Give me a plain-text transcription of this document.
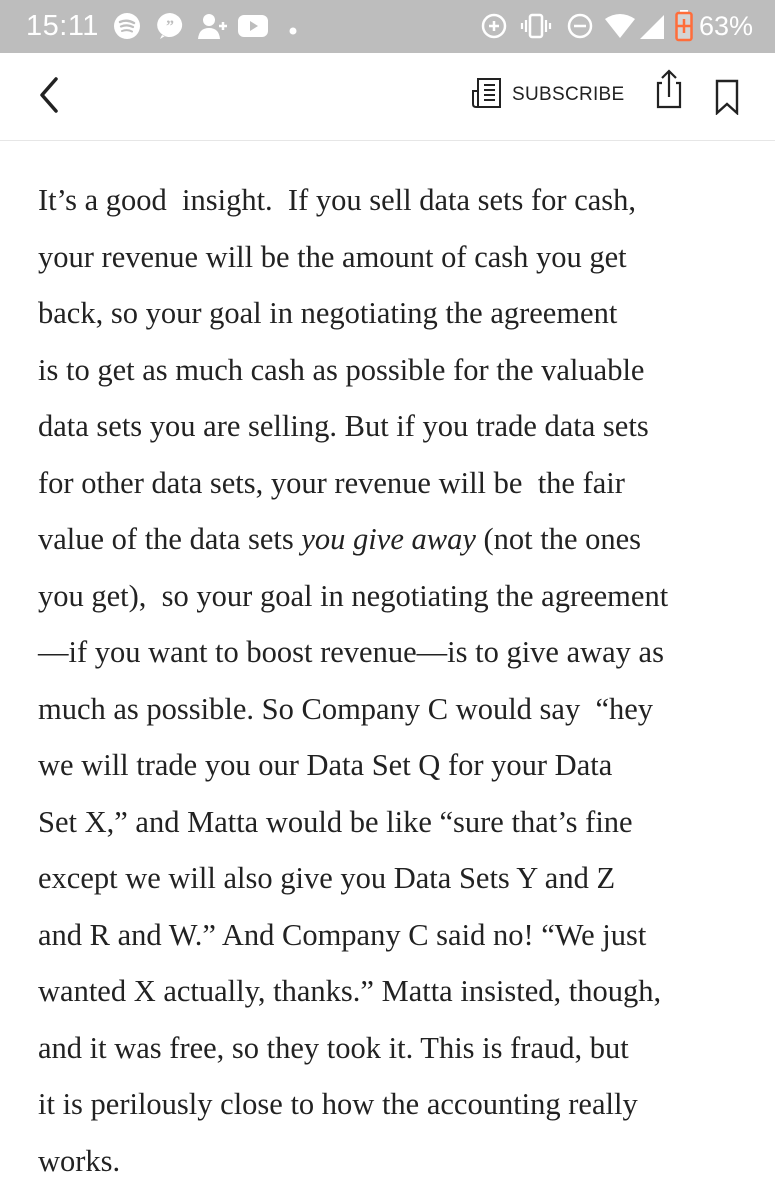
15:11	”	63%
SUBSCRIBE
It’s a good  insight.  If you sell data sets for cash,
your revenue will be the amount of cash you get
back, so your goal in negotiating the agreement
is to get as much cash as possible for the valuable
data sets you are selling. But if you trade data sets
for other data sets, your revenue will be  the fair
value of the data sets you give away (not the ones
you get),  so your goal in negotiating the agreement
—if you want to boost revenue—is to give away as
much as possible. So Company C would say  “hey
we will trade you our Data Set Q for your Data
Set X,” and Matta would be like “sure that’s fine
except we will also give you Data Sets Y and Z
and R and W.” And Company C said no! “We just
wanted X actually, thanks.” Matta insisted, though,
and it was free, so they took it. This is fraud, but
it is perilously close to how the accounting really
works.
